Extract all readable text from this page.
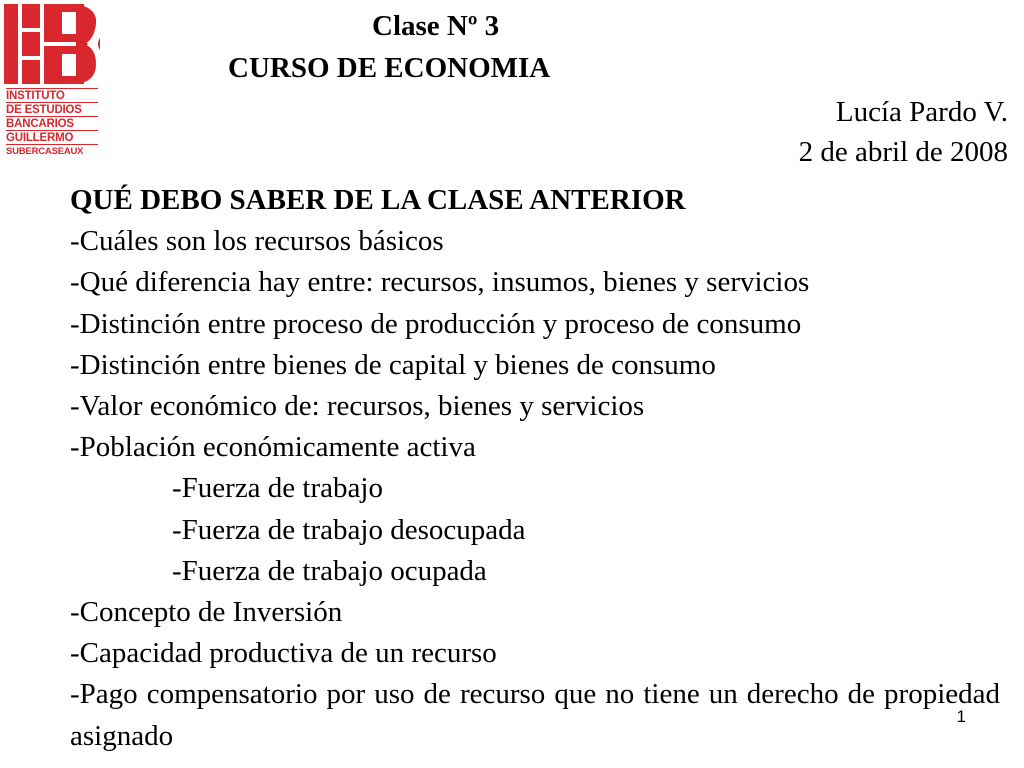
INSTITUTO
DE ESTUDIOS
BANCARIOS
GUILLERMO
SUBERCASEAUX
Clase Nº 3
CURSO DE ECONOMIA
Lucía Pardo V.
2 de abril de 2008
QUÉ DEBO SABER DE LA CLASE ANTERIOR
-Cuáles son los recursos básicos
-Qué diferencia hay entre: recursos, insumos, bienes y servicios
-Distinción entre proceso de producción y proceso de consumo
-Distinción entre bienes de capital y bienes de consumo
-Valor económico de: recursos, bienes y servicios
-Población económicamente activa
-Fuerza de trabajo
-Fuerza de trabajo desocupada
-Fuerza de trabajo ocupada
-Concepto de Inversión
-Capacidad productiva de un recurso
-Pago compensatorio por uso de recurso que no tiene un derecho de propiedad asignado
1
